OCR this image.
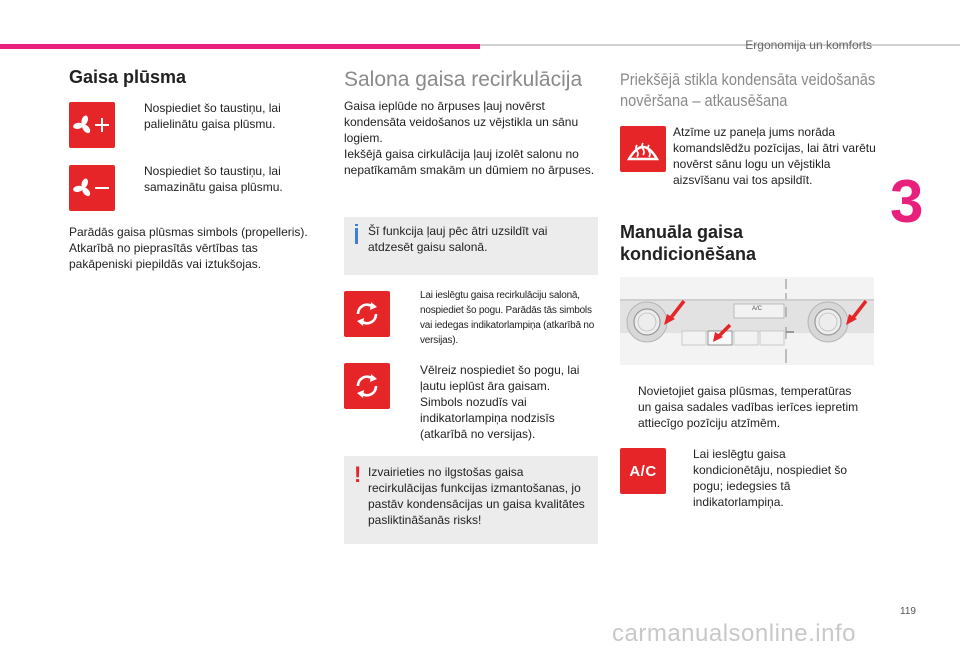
Ergonomija un komforts
3
Gaisa plūsma
Nospiediet šo taustiņu, lai palielinātu gaisa plūsmu.
Nospiediet šo taustiņu, lai samazinātu gaisa plūsmu.
Parādās gaisa plūsmas simbols (propelleris). Atkarībā no pieprasītās vērtības tas pakāpeniski piepildās vai iztukšojas.
Salona gaisa recirkulācija
Gaisa ieplūde no ārpuses ļauj novērst kondensāta veidošanos uz vējstikla un sānu logiem.
Iekšējā gaisa cirkulācija ļauj izolēt salonu no nepatīkamām smakām un dūmiem no ārpuses.
Šī funkcija ļauj pēc ātri uzsildīt vai atdzesēt gaisu salonā.
Lai ieslēgtu gaisa recirkulāciju salonā, nospiediet šo pogu. Parādās tās simbols vai iedegas indikatorlampiņa (atkarībā no versijas).
Vēlreiz nospiediet šo pogu, lai ļautu ieplūst āra gaisam. Simbols nozudīs vai indikatorlampiņa nodzisīs (atkarībā no versijas).
! Izvairieties no ilgstošas gaisa recirkulācijas funkcijas izmantošanas, jo pastāv kondensācijas un gaisa kvalitātes pasliktināšanās risks!
Priekšējā stikla kondensāta veidošanās novēršana – atkausēšana
Atzīme uz paneļa jums norāda komandslēdžu pozīcijas, lai ātri varētu novērst sānu logu un vējstikla aizsvīšanu vai tos apsildīt.
Manuāla gaisa kondicionēšana
A/C
Novietojiet gaisa plūsmas, temperatūras un gaisa sadales vadības ierīces iepretim attiecīgo pozīciju atzīmēm.
A/C
Lai ieslēgtu gaisa kondicionētāju, nospiediet šo pogu; iedegsies tā indikatorlampiņa.
119
carmanualsonline.info
